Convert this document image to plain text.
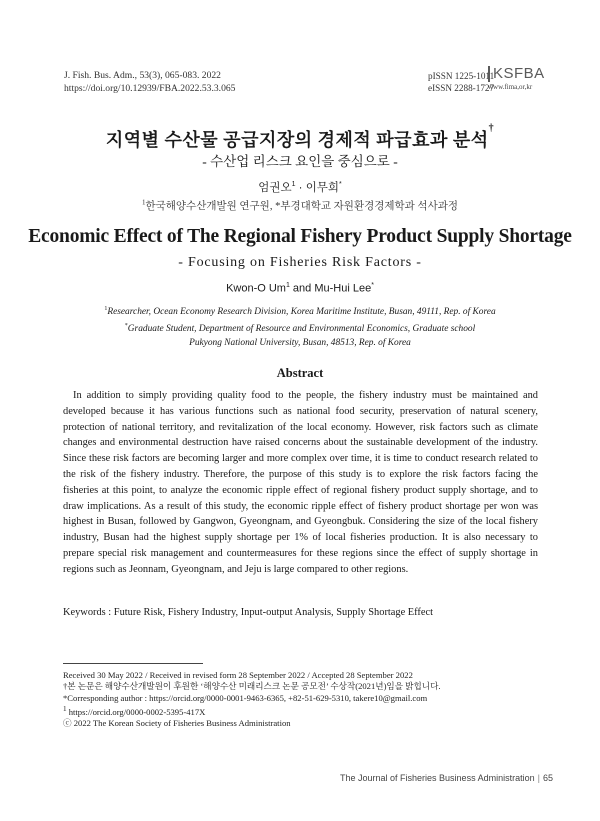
J. Fish. Bus. Adm., 53(3), 065-083. 2022
https://doi.org/10.12939/FBA.2022.53.3.065
pISSN 1225-1011
eISSN 2288-1727
KSFBA
www.fima,or,kr
지역별 수산물 공급지장의 경제적 파급효과 분석†
- 수산업 리스크 요인을 중심으로 -
엄권오$^1$ · 이무희*
$^1$한국해양수산개발원 연구원, *부경대학교 자원환경경제학과 석사과정
Economic Effect of The Regional Fishery Product Supply Shortage
- Focusing on Fisheries Risk Factors -
Kwon-O Um$^1$ and Mu-Hui Lee*
$^1$Researcher, Ocean Economy Research Division, Korea Maritime Institute, Busan, 49111, Rep. of Korea
*Graduate Student, Department of Resource and Environmental Economics, Graduate school
Pukyong National University, Busan, 48513, Rep. of Korea
Abstract

In addition to simply providing quality food to the people, the fishery industry must be maintained and developed because it has various functions such as national food security, preservation of natural scenery, protection of national territory, and revitalization of the local economy. However, risk factors such as climate changes and environmental destruction have raised concerns about the sustainable development of the industry. Since these risk factors are becoming larger and more complex over time, it is time to conduct research related to the risk of the fishery industry. Therefore, the purpose of this study is to explore the risk factors facing the fisheries at this point, to analyze the economic ripple effect of regional fishery product supply shortage, and to draw implications. As a result of this study, the economic ripple effect of fishery product shortage per won was highest in Busan, followed by Gangwon, Gyeongnam, and Gyeongbuk. Considering the size of the local fishery industry, Busan had the highest supply shortage per 1% of local fisheries production. It is also necessary to prepare special risk management and countermeasures for these regions since the effect of supply shortage in regions such as Jeonnam, Gyeongnam, and Jeju is large compared to other regions.

Keywords : Future Risk, Fishery Industry, Input-output Analysis, Supply Shortage Effect
Received 30 May 2022 / Received in revised form 28 September 2022 / Accepted 28 September 2022
†본 논문은 해양수산개발원이 후원한 ‘해양수산 미래리스크 논문 공모전’ 수상작(2021년)임을 밝힙니다.
*Corresponding author : https://orcid.org/0000-0001-9463-6365, +82-51-629-5310, takere10@gmail.com
$^1$ https://orcid.org/0000-0002-5395-417X
ⓒ 2022 The Korean Society of Fisheries Business Administration
The Journal of Fisheries Business Administration | 65
